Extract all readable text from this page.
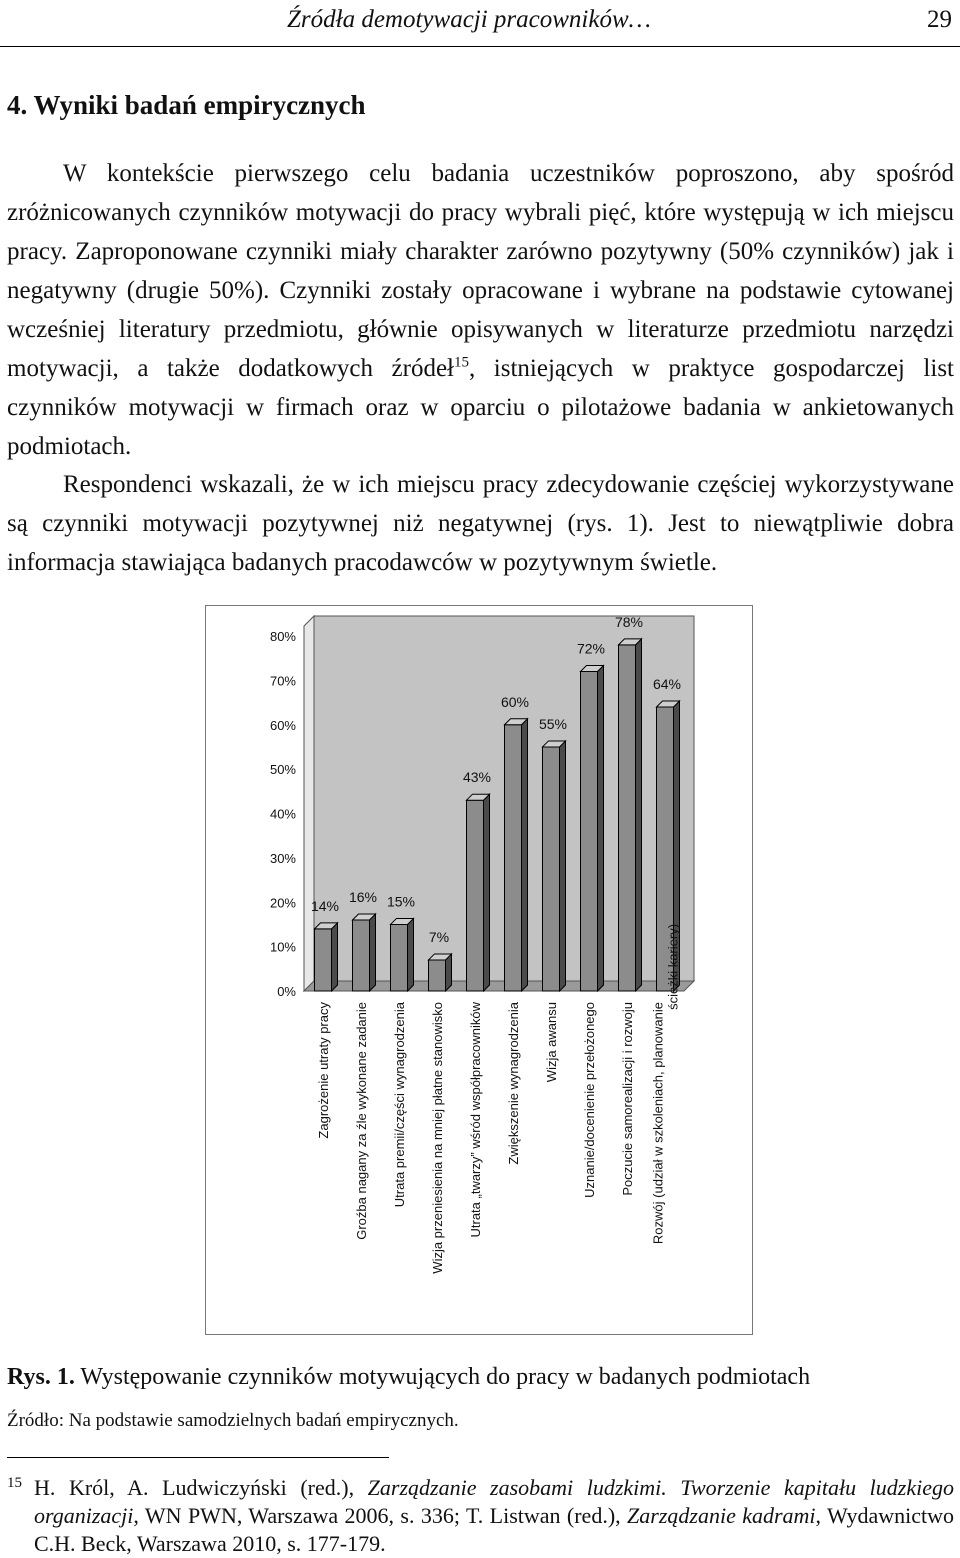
Źródła demotywacji pracowników…	29
4. Wyniki badań empirycznych

W kontekście pierwszego celu badania uczestników poproszono, aby spośród zróżnicowanych czynników motywacji do pracy wybrali pięć, które występują w ich miejscu pracy. Zaproponowane czynniki miały charakter zarówno pozytywny (50% czynników) jak i negatywny (drugie 50%). Czynniki zostały opracowane i wybrane na podstawie cytowanej wcześniej literatury przedmiotu, głównie opisywanych w literaturze przedmiotu narzędzi motywacji, a także dodatkowych źródeł$^{15}$, istniejących w praktyce gospodarczej list czynników motywacji w firmach oraz w oparciu o pilotażowe badania w ankietowanych podmiotach.

Respondenci wskazali, że w ich miejscu pracy zdecydowanie częściej wykorzystywane są czynniki motywacji pozytywnej niż negatywnej (rys. 1). Jest to niewątpliwie dobra informacja stawiająca badanych pracodawców w pozytywnym świetle.

0%
10%
20%
30%
40%
50%
60%
70%
80%
14%
Zagrożenie utraty pracy
16%
Groźba nagany za źle wykonane zadanie
15%
Utrata premii/części wynagrodzenia
7%
Wizja przeniesienia na mniej płatne stanowisko
43%
Utrata „twarzy” wśród współpracowników
60%
Zwiększenie wynagrodzenia
55%
Wizja awansu
72%
Uznanie/docenienie przełożonego
78%
Poczucie samorealizacji i rozwoju
64%
Rozwój (udział w szkoleniach, planowanie
ścieżki kariery)

Rys. 1. Występowanie czynników motywujących do pracy w badanych podmiotach

Źródło: Na podstawie samodzielnych badań empirycznych.

15 H. Król, A. Ludwiczyński (red.), Zarządzanie zasobami ludzkimi. Tworzenie kapitału ludzkiego organizacji, WN PWN, Warszawa 2006, s. 336; T. Listwan (red.), Zarządzanie kadrami, Wydawnictwo C.H. Beck, Warszawa 2010, s. 177-179.
